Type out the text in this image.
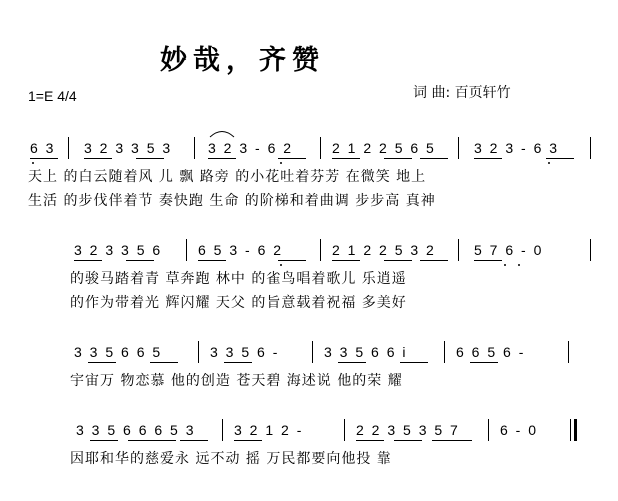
妙哉，齐赞
1=E 4/4	词 曲: 百页轩竹
6 3 3 2 3 3 5 3	3 2 3 - 6 2	2 1 2 2 5 6 5	3 2 3 - 6 3
天上 的白云随着风 儿 飘 路旁 的小花吐着芬芳 在微笑 地上
生活 的步伐伴着节 奏快跑 生命 的阶梯和着曲调 步步高 真神
3 2 3 3 5 6	6 5 3 - 6 2	2 1 2 2 5 3 2	5 7 6 - 0
的骏马踏着青 草奔跑 林中 的雀鸟唱着歌儿 乐逍遥
的作为带着光 辉闪耀 天父 的旨意载着祝福 多美好
3 3 5 6 6 5	3 3 5 6 -	3 3 5 6 6 i	6 6 5 6 -
宇宙万 物恋慕 他的创造 苍天碧 海述说 他的荣 耀
3 3 5 6 6 6 5 3	3 2 1 2 -	2 2 3 5 3 5 7	6 - 0
因耶和华的慈爱永 远不动 摇 万民都要向他投 靠
